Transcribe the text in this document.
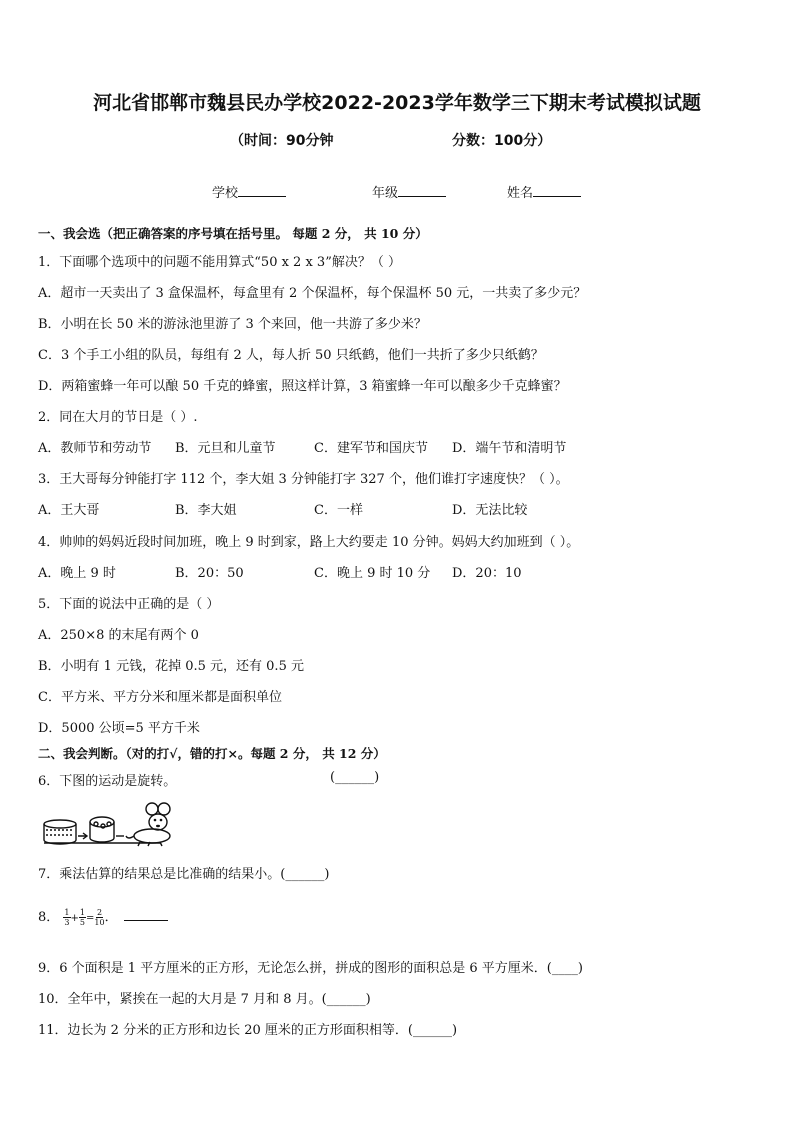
河北省邯郸市魏县民办学校2022-2023学年数学三下期末考试模拟试题
（时间：90分钟	分数：100分）
学校	年级	姓名
一、我会选（把正确答案的序号填在括号里。 每题 2 分， 共 10 分）
1．下面哪个选项中的问题不能用算式“50 x 2 x 3”解决？（ ）
A．超市一天卖出了 3 盒保温杯，每盒里有 2 个保温杯，每个保温杯 50 元，一共卖了多少元？
B．小明在长 50 米的游泳池里游了 3 个来回，他一共游了多少米？
C．3 个手工小组的队员，每组有 2 人，每人折 50 只纸鹤，他们一共折了多少只纸鹤？
D．两箱蜜蜂一年可以酿 50 千克的蜂蜜，照这样计算，3 箱蜜蜂一年可以酿多少千克蜂蜜？
2．同在大月的节日是（ ）.
A．教师节和劳动节 B．元旦和儿童节	C．建军节和国庆节 D．端午节和清明节
3．王大哥每分钟能打字 112 个，李大姐 3 分钟能打字 327 个，他们谁打字速度快？（ ）。
A．王大哥	B．李大姐	C．一样	D．无法比较
4．帅帅的妈妈近段时间加班，晚上 9 时到家，路上大约要走 10 分钟。妈妈大约加班到（ ）。
A．晚上 9 时	B．20：50	C．晚上 9 时 10 分 D．20：10
5．下面的说法中正确的是（ ）
A．250×8 的末尾有两个 0
B．小明有 1 元钱，花掉 0.5 元，还有 0.5 元
C．平方米、平方分米和厘米都是面积单位
D．5000 公顷=5 平方千米
二、我会判断。（对的打√，错的打×。每题 2 分， 共 12 分）
6．下图的运动是旋转。	(______)
7．乘法估算的结果总是比准确的结果小。(______)
8． $\frac{1}{3} + \frac{1}{5} = \frac{2}{10}$ ．
9．6 个面积是 1 平方厘米的正方形，无论怎么拼，拼成的图形的面积总是 6 平方厘米．(____)
10．全年中，紧挨在一起的大月是 7 月和 8 月。(______)
11．边长为 2 分米的正方形和边长 20 厘米的正方形面积相等．(______)
